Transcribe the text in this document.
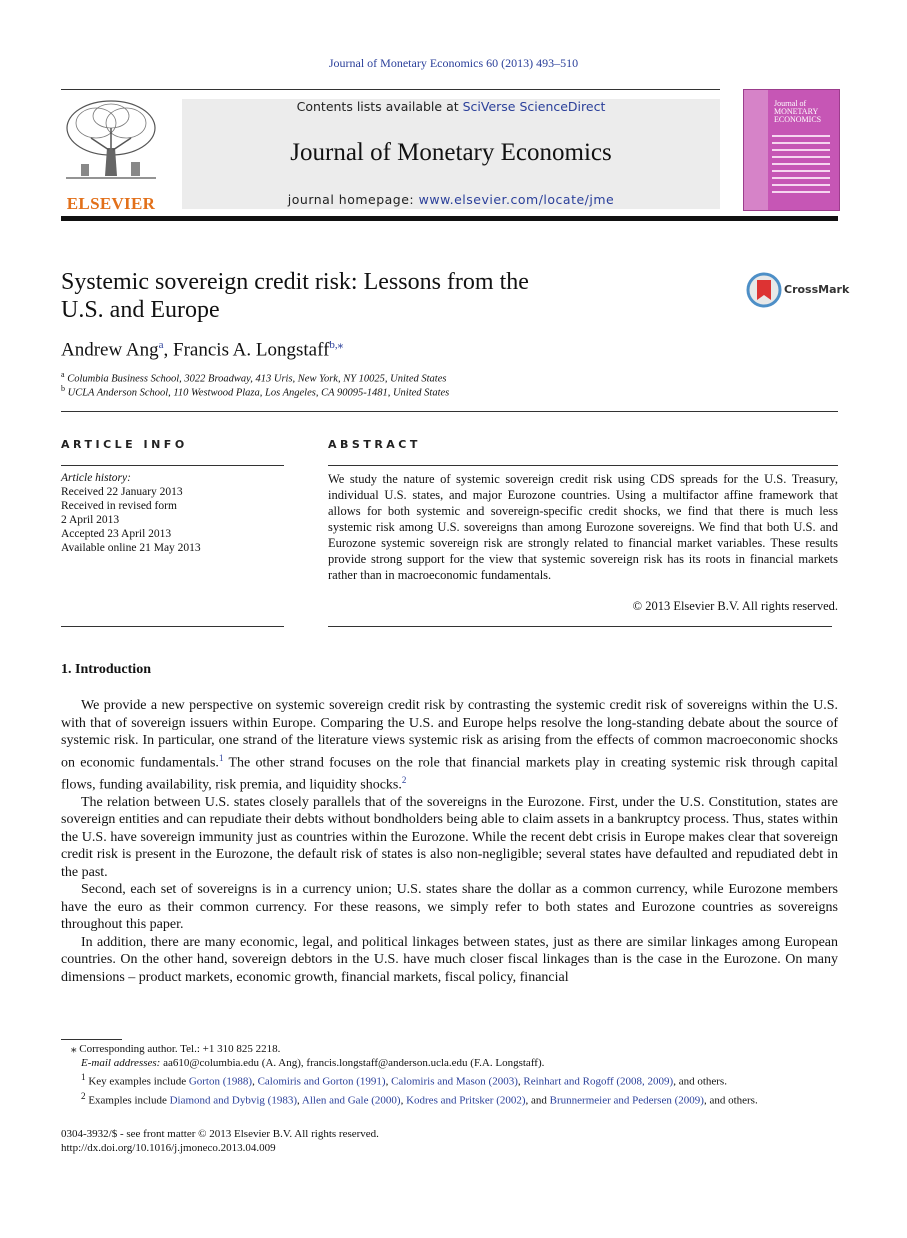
Journal of Monetary Economics 60 (2013) 493–510
ELSEVIER
Contents lists available at SciVerse ScienceDirect
Journal of Monetary Economics
journal homepage: www.elsevier.com/locate/jme
Journal of MONETARY ECONOMICS
Systemic sovereign credit risk: Lessons from the
U.S. and Europe
CrossMark
Andrew Ang$^a$, Francis A. Longstaff$^{b,⁎}$
$^a$ Columbia Business School, 3022 Broadway, 413 Uris, New York, NY 10025, United States
$^b$ UCLA Anderson School, 110 Westwood Plaza, Los Angeles, CA 90095-1481, United States
ARTICLE INFO	ABSTRACT
Article history:
Received 22 January 2013
Received in revised form
2 April 2013
Accepted 23 April 2013
Available online 21 May 2013
We study the nature of systemic sovereign credit risk using CDS spreads for the U.S. Treasury, individual U.S. states, and major Eurozone countries. Using a multifactor affine framework that allows for both systemic and sovereign-specific credit shocks, we find that there is much less systemic risk among U.S. sovereigns than among Eurozone sovereigns. We find that both U.S. and Eurozone systemic sovereign risk are strongly related to financial market variables. These results provide strong support for the view that systemic sovereign risk has its roots in financial markets rather than in macroeconomic fundamentals.
© 2013 Elsevier B.V. All rights reserved.
1. Introduction

We provide a new perspective on systemic sovereign credit risk by contrasting the systemic credit risk of sovereigns within the U.S. with that of sovereign issuers within Europe. Comparing the U.S. and Europe helps resolve the long-standing debate about the source of systemic risk. In particular, one strand of the literature views systemic risk as arising from the effects of common macroeconomic shocks on economic fundamentals.$^1$ The other strand focuses on the role that financial markets play in creating systemic risk through capital flows, funding availability, risk premia, and liquidity shocks.$^2$

The relation between U.S. states closely parallels that of the sovereigns in the Eurozone. First, under the U.S. Constitution, states are sovereign entities and can repudiate their debts without bondholders being able to claim assets in a bankruptcy process. Thus, states within the U.S. have sovereign immunity just as countries within the Eurozone. While the recent debt crisis in Europe makes clear that sovereign credit risk is present in the Eurozone, the default risk of states is also non-negligible; several states have defaulted and repudiated debt in the past.

Second, each set of sovereigns is in a currency union; U.S. states share the dollar as a common currency, while Eurozone members have the euro as their common currency. For these reasons, we simply refer to both states and Eurozone countries as sovereigns throughout this paper.

In addition, there are many economic, legal, and political linkages between states, just as there are similar linkages among European countries. On the other hand, sovereign debtors in the U.S. have much closer fiscal linkages than is the case in the Eurozone. On many dimensions – product markets, economic growth, financial markets, fiscal policy, financial

⁎ Corresponding author. Tel.: +1 310 825 2218.
E-mail addresses: aa610@columbia.edu (A. Ang), francis.longstaff@anderson.ucla.edu (F.A. Longstaff).
$^1$ Key examples include Gorton (1988), Calomiris and Gorton (1991), Calomiris and Mason (2003), Reinhart and Rogoff (2008, 2009), and others.
$^2$ Examples include Diamond and Dybvig (1983), Allen and Gale (2000), Kodres and Pritsker (2002), and Brunnermeier and Pedersen (2009), and others.
0304-3932/$ - see front matter © 2013 Elsevier B.V. All rights reserved.
http://dx.doi.org/10.1016/j.jmoneco.2013.04.009
